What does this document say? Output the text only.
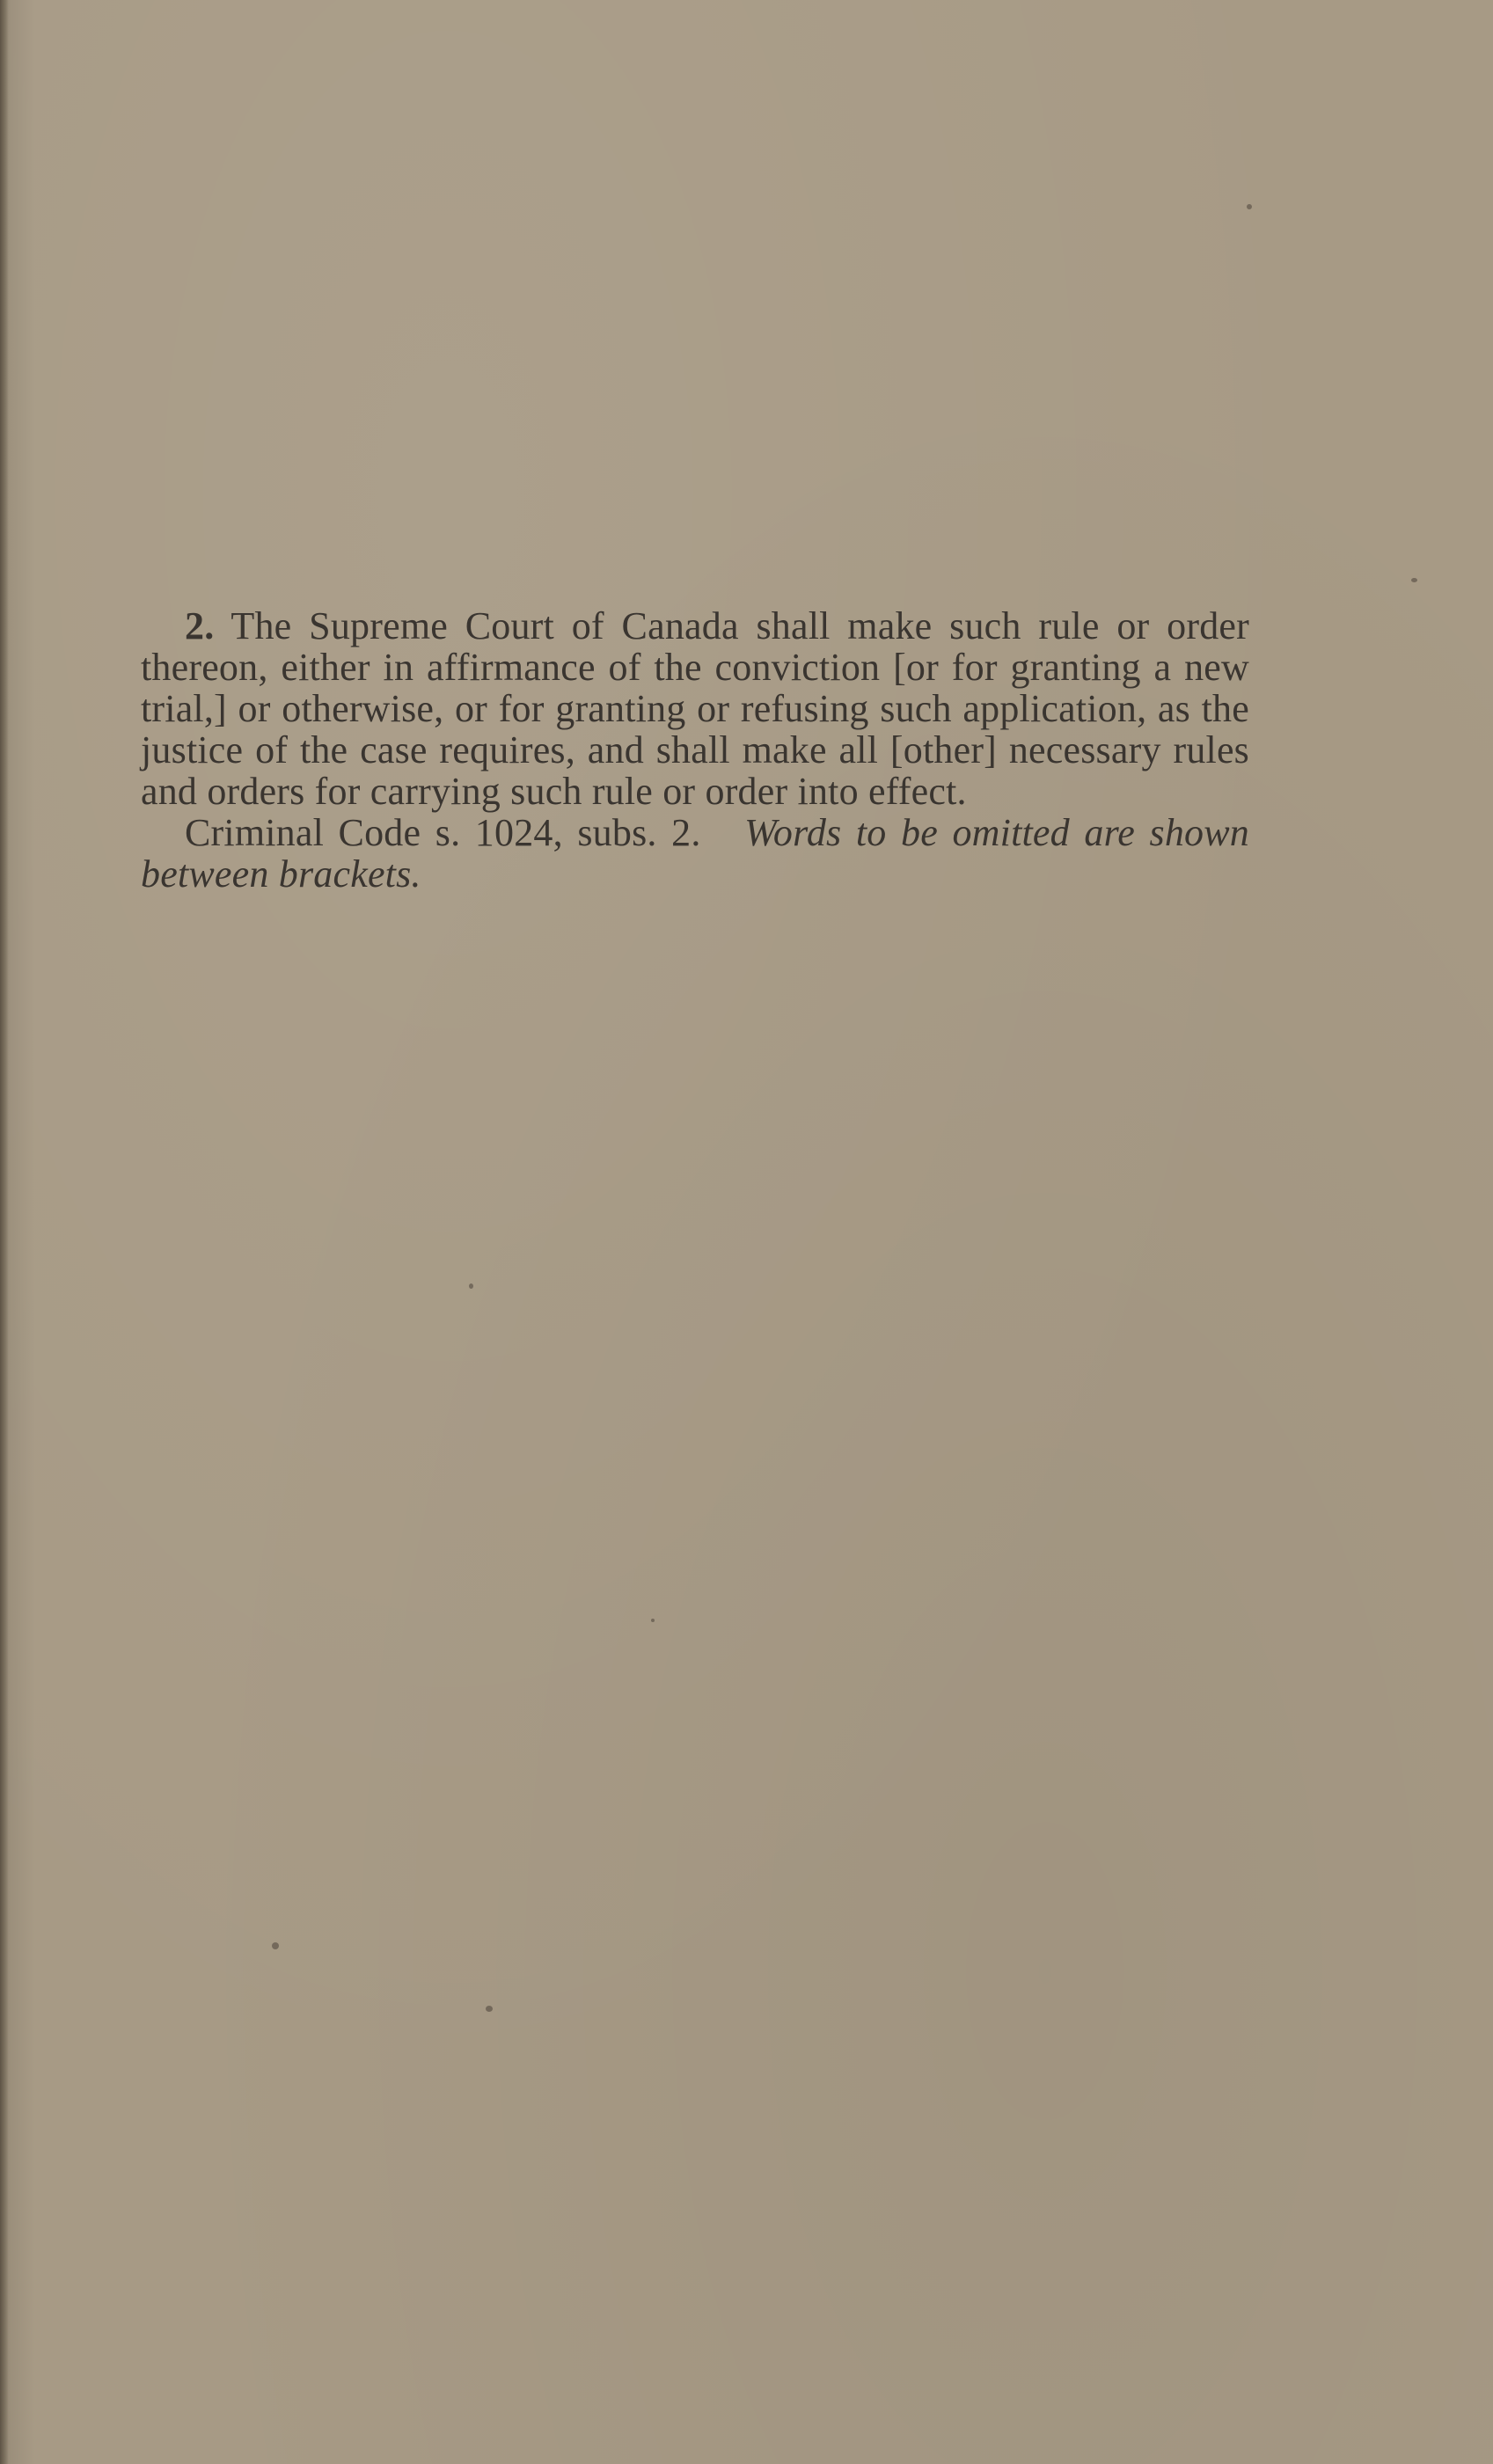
2. The Supreme Court of Canada shall make such rule or order thereon, either in affirmance of the conviction [or for granting a new trial,] or otherwise, or for granting or refusing such application, as the justice of the case requires, and shall make all [other] necessary rules and orders for carrying such rule or order into effect.

Criminal Code s. 1024, subs. 2. Words to be omitted are shown between brackets.
